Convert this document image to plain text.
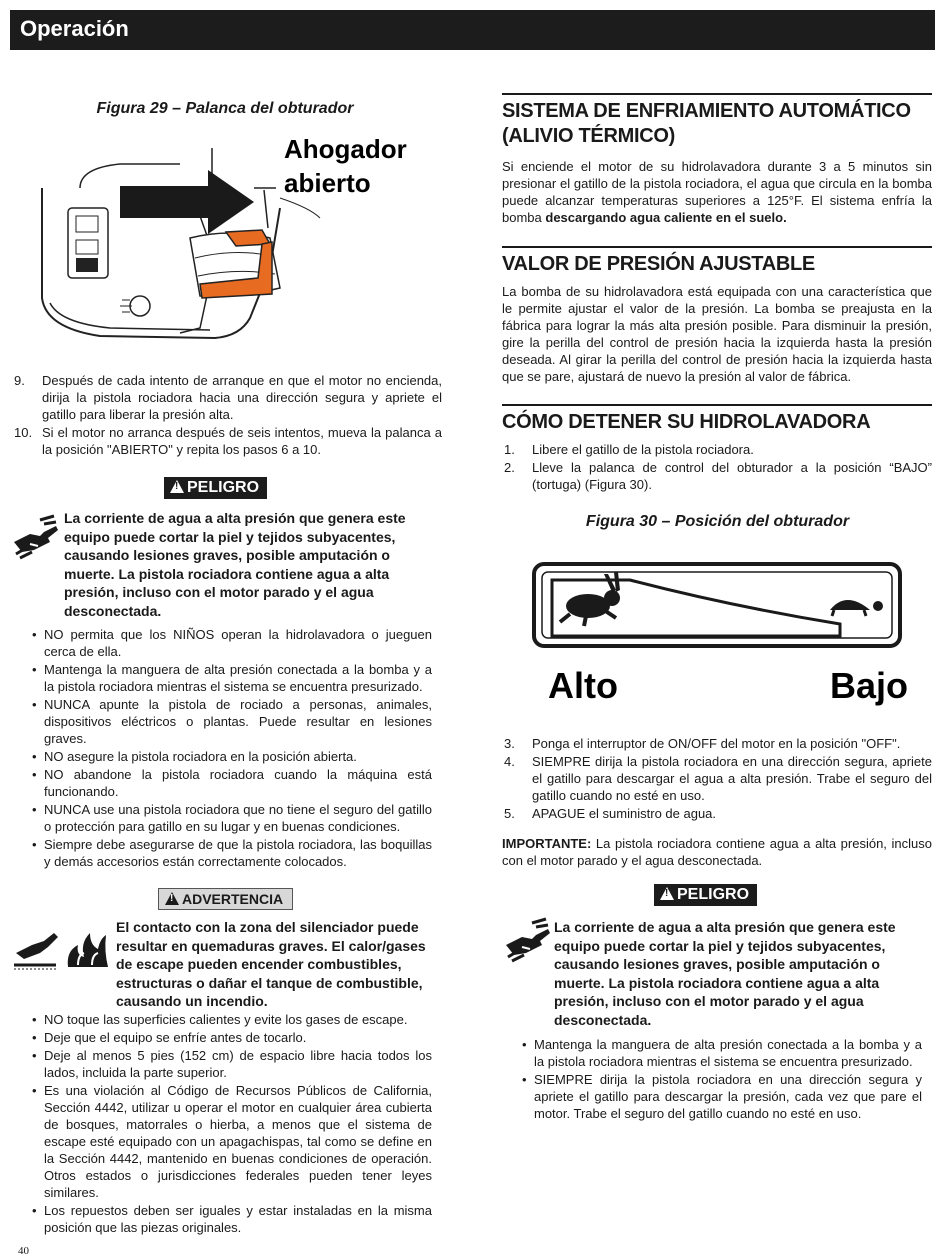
Operación
Figura 29 – Palanca del obturador
Ahogador
abierto
9. Después de cada intento de arranque en que el motor no encienda, dirija la pistola rociadora hacia una dirección segura y apriete el gatillo para liberar la presión alta.
10. Si el motor no arranca después de seis intentos, mueva la palanca a la posición "ABIERTO" y repita los pasos 6 a 10.
! PELIGRO
La corriente de agua a alta presión que genera este equipo puede cortar la piel y tejidos subyacentes, causando lesiones graves, posible amputación o muerte. La pistola rociadora contiene agua a alta presión, incluso con el motor parado y el agua desconectada.
• NO permita que los NIÑOS operan la hidrolavadora o jueguen cerca de ella.
• Mantenga la manguera de alta presión conectada a la bomba y a la pistola rociadora mientras el sistema se encuentra presurizado.
• NUNCA apunte la pistola de rociado a personas, animales, dispositivos eléctricos o plantas. Puede resultar en lesiones graves.
• NO asegure la pistola rociadora en la posición abierta.
• NO abandone la pistola rociadora cuando la máquina está funcionando.
• NUNCA use una pistola rociadora que no tiene el seguro del gatillo o protección para gatillo en su lugar y en buenas condiciones.
• Siempre debe asegurarse de que la pistola rociadora, las boquillas y demás accesorios están correctamente colocados.
! ADVERTENCIA
El contacto con la zona del silenciador puede resultar en quemaduras graves. El calor/gases de escape pueden encender combustibles, estructuras o dañar el tanque de combustible, causando un incendio.
• NO toque las superficies calientes y evite los gases de escape.
• Deje que el equipo se enfríe antes de tocarlo.
• Deje al menos 5 pies (152 cm) de espacio libre hacia todos los lados, incluida la parte superior.
• Es una violación al Código de Recursos Públicos de California, Sección 4442, utilizar u operar el motor en cualquier área cubierta de bosques, matorrales o hierba, a menos que el sistema de escape esté equipado con un apagachispas, tal como se define en la Sección 4442, mantenido en buenas condiciones de operación. Otros estados o jurisdicciones federales pueden tener leyes similares.
• Los repuestos deben ser iguales y estar instaladas en la misma posición que las piezas originales.
40
SISTEMA DE ENFRIAMIENTO AUTOMÁTICO
(ALIVIO TÉRMICO)
Si enciende el motor de su hidrolavadora durante 3 a 5 minutos sin presionar el gatillo de la pistola rociadora, el agua que circula en la bomba puede alcanzar temperaturas superiores a 125°F. El sistema enfría la bomba descargando agua caliente en el suelo.
VALOR DE PRESIÓN AJUSTABLE
La bomba de su hidrolavadora está equipada con una característica que le permite ajustar el valor de la presión. La bomba se preajusta en la fábrica para lograr la más alta presión posible. Para disminuir la presión, gire la perilla del control de presión hacia la izquierda hasta la presión deseada. Al girar la perilla del control de presión hacia la izquierda hasta que se pare, ajustará de nuevo la presión al valor de fábrica.
CÓMO DETENER SU HIDROLAVADORA
1. Libere el gatillo de la pistola rociadora.
2. Lleve la palanca de control del obturador a la posición “BAJO” (tortuga) (Figura 30).
Figura 30 – Posición del obturador
Alto	Bajo
3. Ponga el interruptor de ON/OFF del motor en la posición "OFF".
4. SIEMPRE dirija la pistola rociadora en una dirección segura, apriete el gatillo para descargar el agua a alta presión. Trabe el seguro del gatillo cuando no esté en uso.
5. APAGUE el suministro de agua.
IMPORTANTE: La pistola rociadora contiene agua a alta presión, incluso con el motor parado y el agua desconectada.
! PELIGRO
La corriente de agua a alta presión que genera este equipo puede cortar la piel y tejidos subyacentes, causando lesiones graves, posible amputación o muerte. La pistola rociadora contiene agua a alta presión, incluso con el motor parado y el agua desconectada.
• Mantenga la manguera de alta presión conectada a la bomba y a la pistola rociadora mientras el sistema se encuentra presurizado.
• SIEMPRE dirija la pistola rociadora en una dirección segura y apriete el gatillo para descargar la presión, cada vez que pare el motor. Trabe el seguro del gatillo cuando no esté en uso.
